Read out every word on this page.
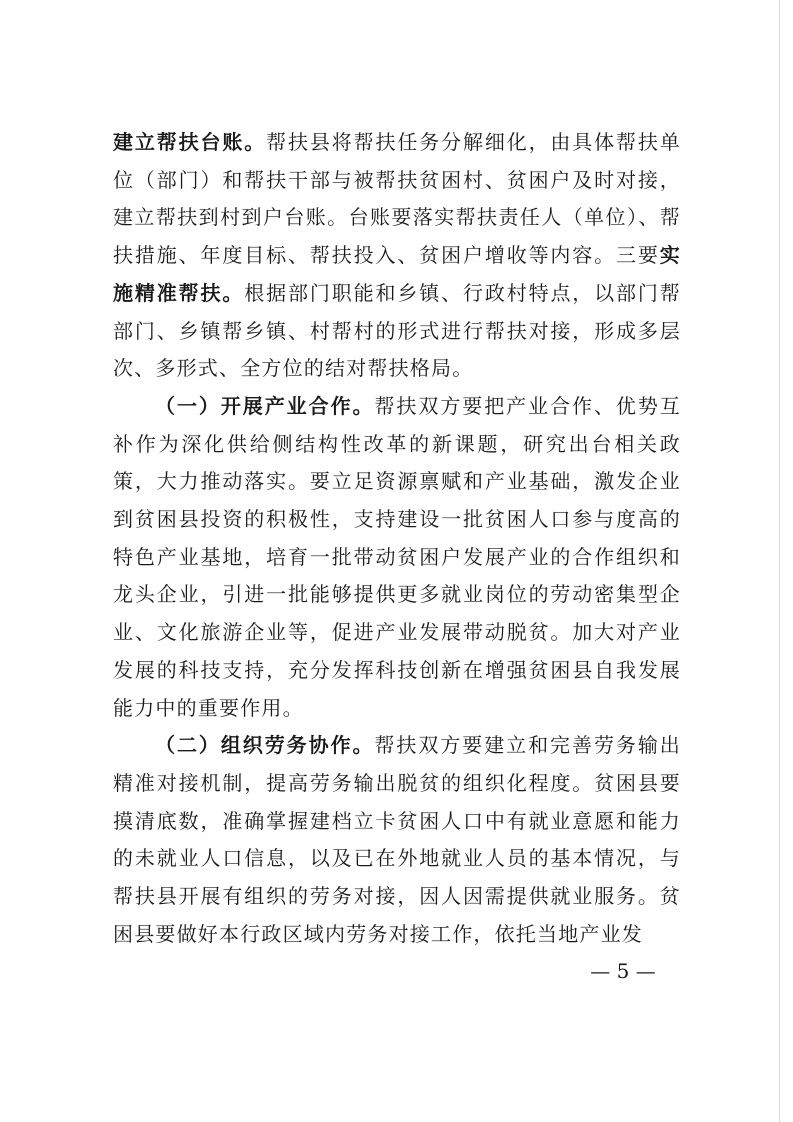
建立帮扶台账。帮扶县将帮扶任务分解细化，由具体帮扶单位（部门）和帮扶干部与被帮扶贫困村、贫困户及时对接，建立帮扶到村到户台账。台账要落实帮扶责任人（单位）、帮扶措施、年度目标、帮扶投入、贫困户增收等内容。三要实施精准帮扶。根据部门职能和乡镇、行政村特点，以部门帮部门、乡镇帮乡镇、村帮村的形式进行帮扶对接，形成多层次、多形式、全方位的结对帮扶格局。

（一）开展产业合作。帮扶双方要把产业合作、优势互补作为深化供给侧结构性改革的新课题，研究出台相关政策，大力推动落实。要立足资源禀赋和产业基础，激发企业到贫困县投资的积极性，支持建设一批贫困人口参与度高的特色产业基地，培育一批带动贫困户发展产业的合作组织和龙头企业，引进一批能够提供更多就业岗位的劳动密集型企业、文化旅游企业等，促进产业发展带动脱贫。加大对产业发展的科技支持，充分发挥科技创新在增强贫困县自我发展能力中的重要作用。

（二）组织劳务协作。帮扶双方要建立和完善劳务输出精准对接机制，提高劳务输出脱贫的组织化程度。贫困县要摸清底数，准确掌握建档立卡贫困人口中有就业意愿和能力的未就业人口信息，以及已在外地就业人员的基本情况，与帮扶县开展有组织的劳务对接，因人因需提供就业服务。贫困县要做好本行政区域内劳务对接工作，依托当地产业发

— 5 —
